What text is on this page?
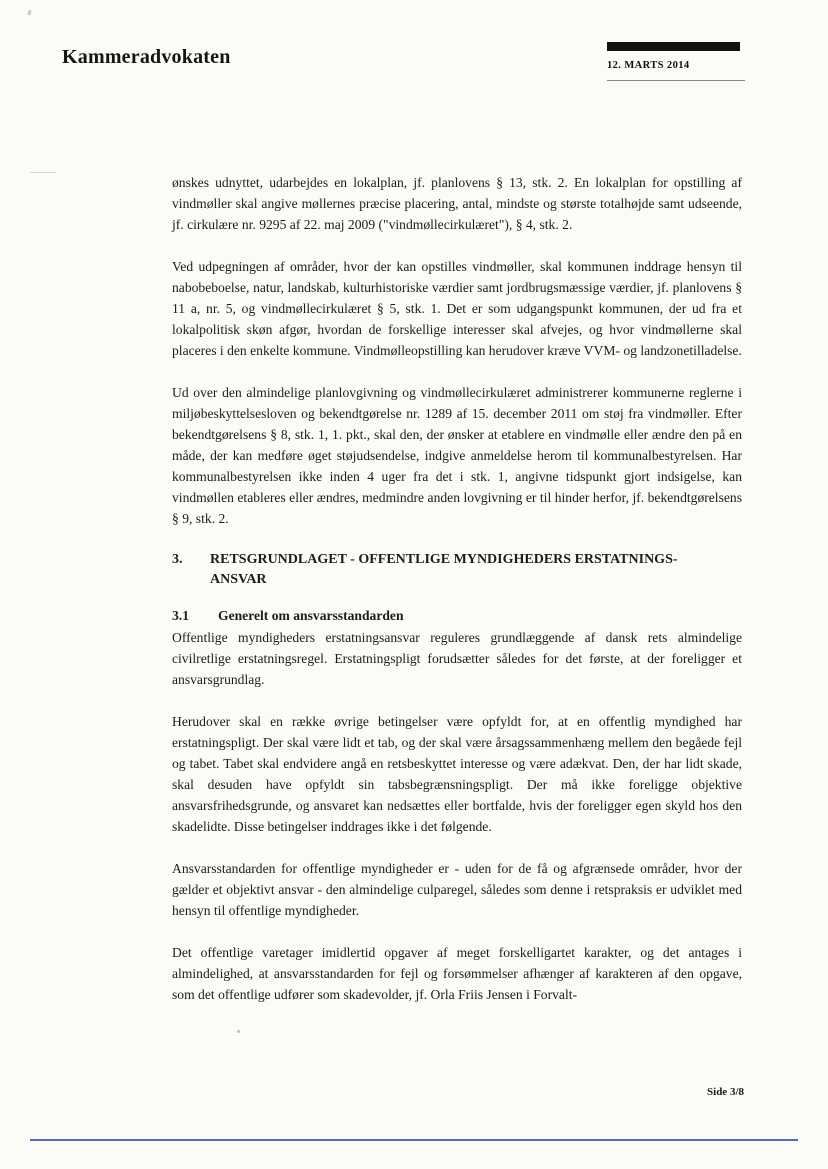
Kammeradvokaten	12. MARTS 2014

ønskes udnyttet, udarbejdes en lokalplan, jf. planlovens § 13, stk. 2. En lokalplan for opstilling af vindmøller skal angive møllernes præcise placering, antal, mindste og største totalhøjde samt udseende, jf. cirkulære nr. 9295 af 22. maj 2009 ("vindmøllecirkulæret"), § 4, stk. 2.

Ved udpegningen af områder, hvor der kan opstilles vindmøller, skal kommunen inddrage hensyn til nabobeboelse, natur, landskab, kulturhistoriske værdier samt jordbrugsmæssige værdier, jf. planlovens § 11 a, nr. 5, og vindmøllecirkulæret § 5, stk. 1. Det er som udgangspunkt kommunen, der ud fra et lokalpolitisk skøn afgør, hvordan de forskellige interesser skal afvejes, og hvor vindmøllerne skal placeres i den enkelte kommune. Vindmølleopstilling kan herudover kræve VVM- og landzonetilladelse.

Ud over den almindelige planlovgivning og vindmøllecirkulæret administrerer kommunerne reglerne i miljøbeskyttelsesloven og bekendtgørelse nr. 1289 af 15. december 2011 om støj fra vindmøller. Efter bekendtgørelsens § 8, stk. 1, 1. pkt., skal den, der ønsker at etablere en vindmølle eller ændre den på en måde, der kan medføre øget støjudsendelse, indgive anmeldelse herom til kommunalbestyrelsen. Har kommunalbestyrelsen ikke inden 4 uger fra det i stk. 1, angivne tidspunkt gjort indsigelse, kan vindmøllen etableres eller ændres, medmindre anden lovgivning er til hinder herfor, jf. bekendtgørelsens § 9, stk. 2.

3.	RETSGRUNDLAGET - OFFENTLIGE MYNDIGHEDERS ERSTATNINGS-
ANSVAR
3.1	Generelt om ansvarsstandarden

Offentlige myndigheders erstatningsansvar reguleres grundlæggende af dansk rets almindelige civilretlige erstatningsregel. Erstatningspligt forudsætter således for det første, at der foreligger et ansvarsgrundlag.

Herudover skal en række øvrige betingelser være opfyldt for, at en offentlig myndighed har erstatningspligt. Der skal være lidt et tab, og der skal være årsagssammenhæng mellem den begåede fejl og tabet. Tabet skal endvidere angå en retsbeskyttet interesse og være adækvat. Den, der har lidt skade, skal desuden have opfyldt sin tabsbegrænsningspligt. Der må ikke foreligge objektive ansvarsfrihedsgrunde, og ansvaret kan nedsættes eller bortfalde, hvis der foreligger egen skyld hos den skadelidte. Disse betingelser inddrages ikke i det følgende.

Ansvarsstandarden for offentlige myndigheder er - uden for de få og afgrænsede områder, hvor der gælder et objektivt ansvar - den almindelige culparegel, således som denne i retspraksis er udviklet med hensyn til offentlige myndigheder.

Det offentlige varetager imidlertid opgaver af meget forskelligartet karakter, og det antages i almindelighed, at ansvarsstandarden for fejl og forsømmelser afhænger af karakteren af den opgave, som det offentlige udfører som skadevolder, jf. Orla Friis Jensen i Forvalt-

Side 3/8
